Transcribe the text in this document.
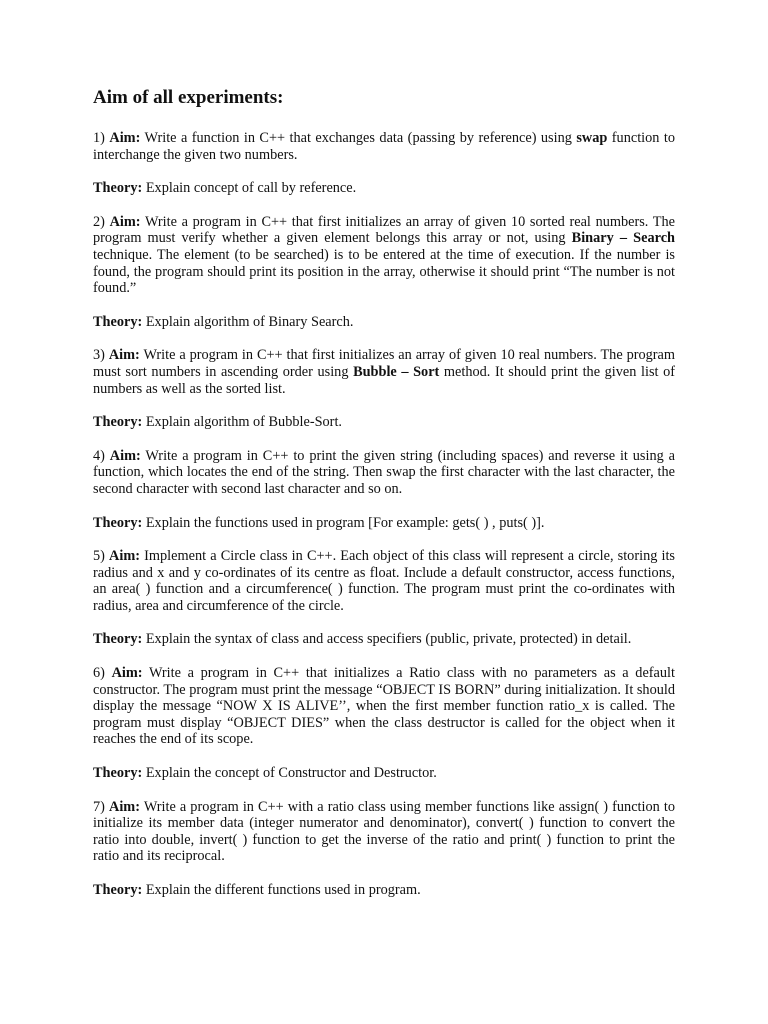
Aim of all experiments:
1) Aim: Write a function in C++ that exchanges data (passing by reference) using swap function to interchange the given two numbers.
Theory: Explain concept of call by reference.
2) Aim: Write a program in C++ that first initializes an array of given 10 sorted real numbers. The program must verify whether a given element belongs this array or not, using Binary – Search technique. The element (to be searched) is to be entered at the time of execution. If the number is found, the program should print its position in the array, otherwise it should print “The number is not found.”
Theory: Explain algorithm of Binary Search.
3) Aim: Write a program in C++ that first initializes an array of given 10 real numbers. The program must sort numbers in ascending order using Bubble – Sort method. It should print the given list of numbers as well as the sorted list.
Theory: Explain algorithm of Bubble-Sort.
4) Aim: Write a program in C++ to print the given string (including spaces) and reverse it using a function, which locates the end of the string. Then swap the first character with the last character, the second character with second last character and so on.
Theory: Explain the functions used in program [For example: gets( ) , puts( )].
5) Aim: Implement a Circle class in C++. Each object of this class will represent a circle, storing its radius and x and y co-ordinates of its centre as float. Include a default constructor, access functions, an area( ) function and a circumference( ) function. The program must print the co-ordinates with radius, area and circumference of the circle.
Theory: Explain the syntax of class and access specifiers (public, private, protected) in detail.
6) Aim: Write a program in C++ that initializes a Ratio class with no parameters as a default constructor. The program must print the message “OBJECT IS BORN” during initialization. It should display the message “NOW X IS ALIVE’’, when the first member function ratio_x is called. The program must display “OBJECT DIES” when the class destructor is called for the object when it reaches the end of its scope.
Theory: Explain the concept of Constructor and Destructor.
7) Aim: Write a program in C++ with a ratio class using member functions like assign( ) function to initialize its member data (integer numerator and denominator), convert( ) function to convert the ratio into double, invert( ) function to get the inverse of the ratio and print( ) function to print the ratio and its reciprocal.
Theory: Explain the different functions used in program.
